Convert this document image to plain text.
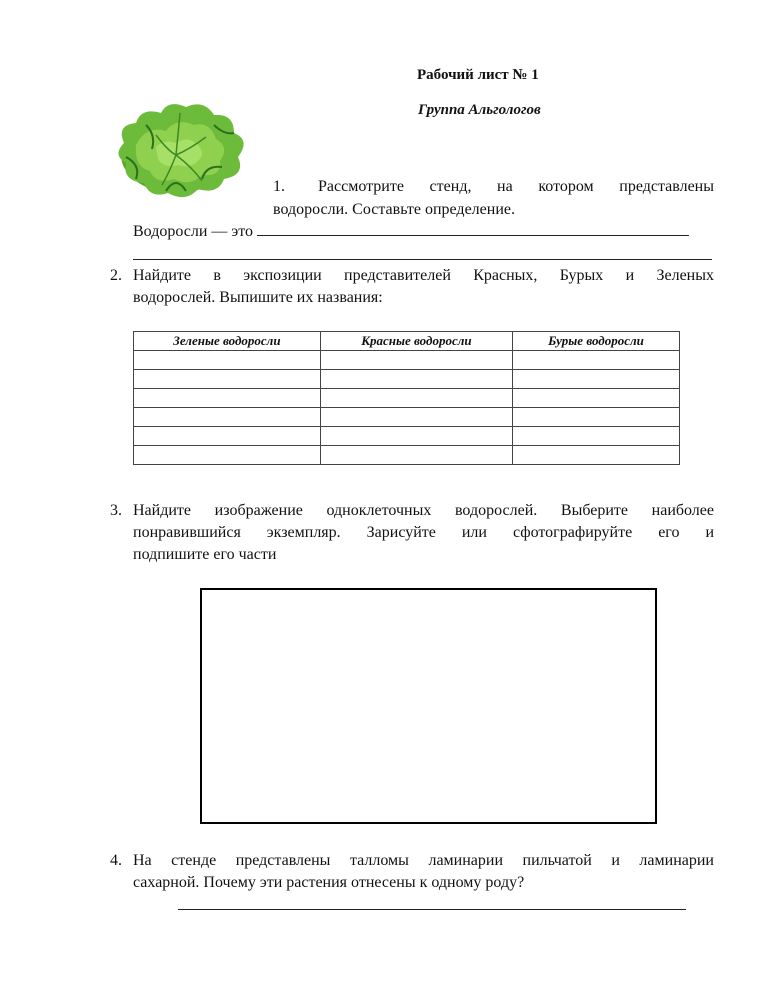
Рабочий лист № 1
Группа Альгологов
1. Рассмотрите стенд, на котором представлены
водоросли. Составьте определение.
Водоросли — это
2. Найдите в экспозиции представителей Красных, Бурых и Зеленых
водорослей. Выпишите их названия:
Зеленые водоросли	Красные водоросли	Бурые водоросли

3. Найдите изображение одноклеточных водорослей. Выберите наиболее
понравившийся экземпляр. Зарисуйте или сфотографируйте его и
подпишите его части
4. На стенде представлены талломы ламинарии пильчатой и ламинарии
сахарной. Почему эти растения отнесены к одному роду?
